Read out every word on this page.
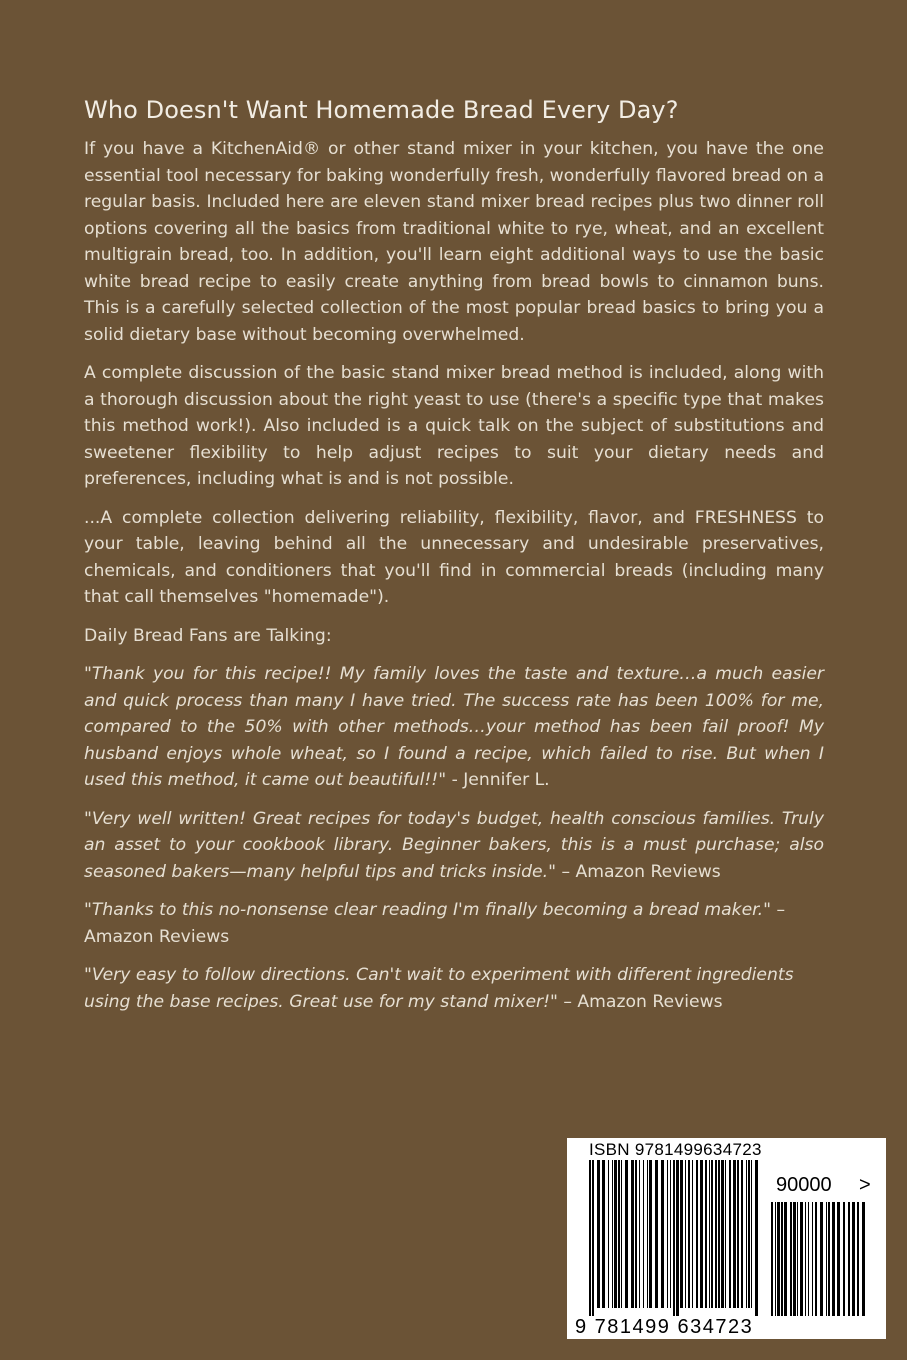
Who Doesn't Want Homemade Bread Every Day?

If you have a KitchenAid® or other stand mixer in your kitchen, you have the one essential tool necessary for baking wonderfully fresh, wonderfully flavored bread on a regular basis. Included here are eleven stand mixer bread recipes plus two dinner roll options covering all the basics from traditional white to rye, wheat, and an excellent multigrain bread, too. In addition, you'll learn eight additional ways to use the basic white bread recipe to easily create anything from bread bowls to cinnamon buns. This is a carefully selected collection of the most popular bread basics to bring you a solid dietary base without becoming overwhelmed.

A complete discussion of the basic stand mixer bread method is included, along with a thorough discussion about the right yeast to use (there's a specific type that makes this method work!). Also included is a quick talk on the subject of substitutions and sweetener flexibility to help adjust recipes to suit your dietary needs and preferences, including what is and is not possible.

...A complete collection delivering reliability, flexibility, flavor, and FRESHNESS to your table, leaving behind all the unnecessary and undesirable preservatives, chemicals, and conditioners that you'll find in commercial breads (including many that call themselves "homemade").

Daily Bread Fans are Talking:

"Thank you for this recipe!! My family loves the taste and texture…a much easier and quick process than many I have tried. The success rate has been 100% for me, compared to the 50% with other methods…your method has been fail proof! My husband enjoys whole wheat, so I found a recipe, which failed to rise. But when I used this method, it came out beautiful!!" - Jennifer L.

"Very well written! Great recipes for today's budget, health conscious families. Truly an asset to your cookbook library. Beginner bakers, this is a must purchase; also seasoned bakers—many helpful tips and tricks inside." – Amazon Reviews

"Thanks to this no-nonsense clear reading I'm finally becoming a bread maker." – Amazon Reviews

"Very easy to follow directions. Can't wait to experiment with different ingredients using the base recipes. Great use for my stand mixer!" – Amazon Reviews

ISBN 9781499634723
90000 >
9 781499 634723
